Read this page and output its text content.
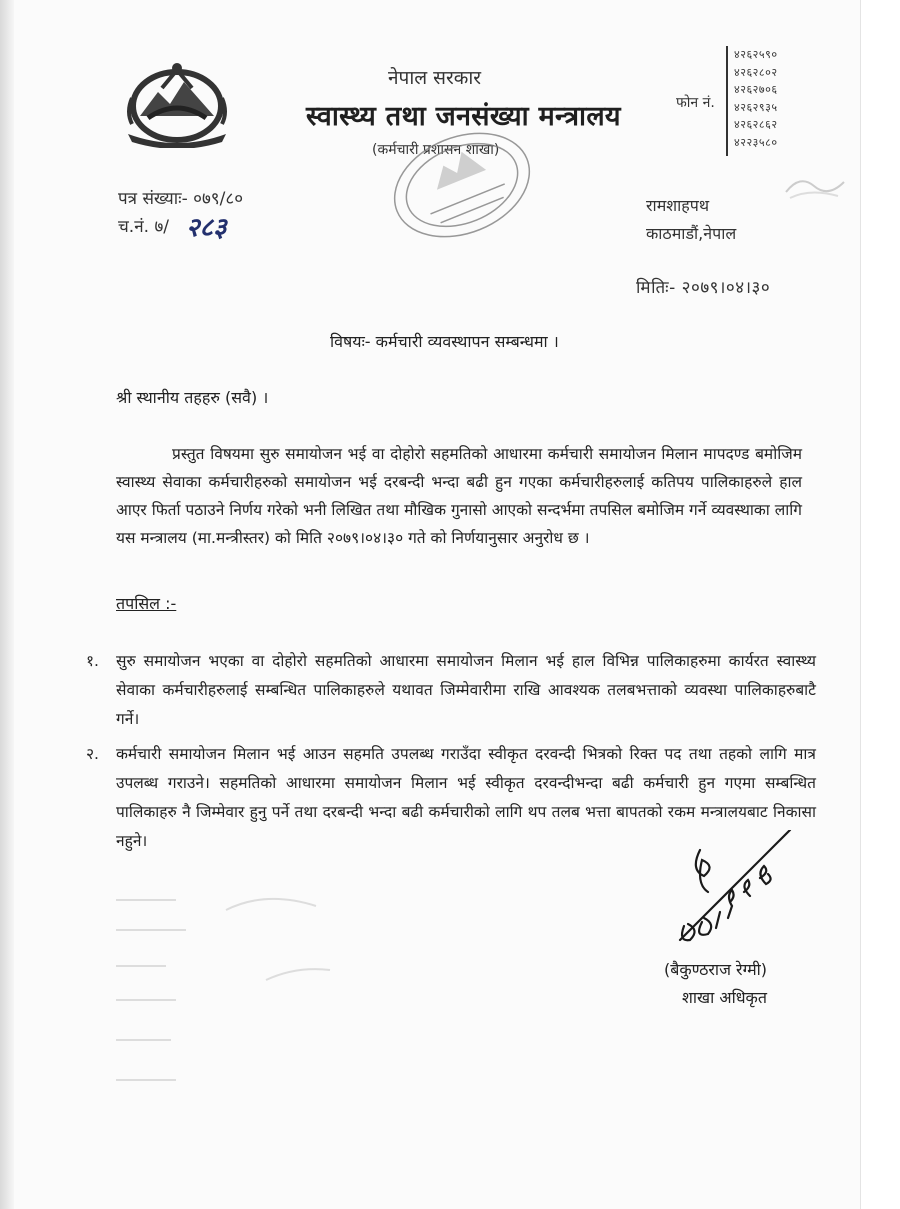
नेपाल सरकार
स्वास्थ्य तथा जनसंख्या मन्त्रालय
(कर्मचारी प्रशासन शाखा)
फोन नं.
४२६२५९०
४२६२८०२
४२६२७०६
४२६२९३५
४२६२८६२
४२२३५८०
पत्र संख्याः- ०७९/८०
च.नं. ७/ २८३
रामशाहपथ
काठमाडौं,नेपाल
मितिः- २०७९।०४।३०
विषयः- कर्मचारी व्यवस्थापन सम्बन्धमा ।
श्री स्थानीय तहहरु (सवै) ।

प्रस्तुत विषयमा सुरु समायोजन भई वा दोहोरो सहमतिको आधारमा कर्मचारी समायोजन मिलान मापदण्ड बमोजिम स्वास्थ्य सेवाका कर्मचारीहरुको समायोजन भई दरबन्दी भन्दा बढी हुन गएका कर्मचारीहरुलाई कतिपय पालिकाहरुले हाल आएर फिर्ता पठाउने निर्णय गरेको भनी लिखित तथा मौखिक गुनासो आएको सन्दर्भमा तपसिल बमोजिम गर्ने व्यवस्थाका लागि यस मन्त्रालय (मा.मन्त्रीस्तर) को मिति २०७९।०४।३० गते को निर्णयानुसार अनुरोध छ ।

तपसिल :-
१. सुरु समायोजन भएका वा दोहोरो सहमतिको आधारमा समायोजन मिलान भई हाल विभिन्न पालिकाहरुमा कार्यरत स्वास्थ्य सेवाका कर्मचारीहरुलाई सम्बन्धित पालिकाहरुले यथावत जिम्मेवारीमा राखि आवश्यक तलबभत्ताको व्यवस्था पालिकाहरुबाटै गर्ने।
२. कर्मचारी समायोजन मिलान भई आउन सहमति उपलब्ध गराउँदा स्वीकृत दरवन्दी भित्रको रिक्त पद तथा तहको लागि मात्र उपलब्ध गराउने। सहमतिको आधारमा समायोजन मिलान भई स्वीकृत दरवन्दीभन्दा बढी कर्मचारी हुन गएमा सम्बन्धित पालिकाहरु नै जिम्मेवार हुनु पर्ने तथा दरबन्दी भन्दा बढी कर्मचारीको लागि थप तलब भत्ता बापतको रकम मन्त्रालयबाट निकासा नहुने।
(बैकुण्ठराज रेग्मी)
शाखा अधिकृत
